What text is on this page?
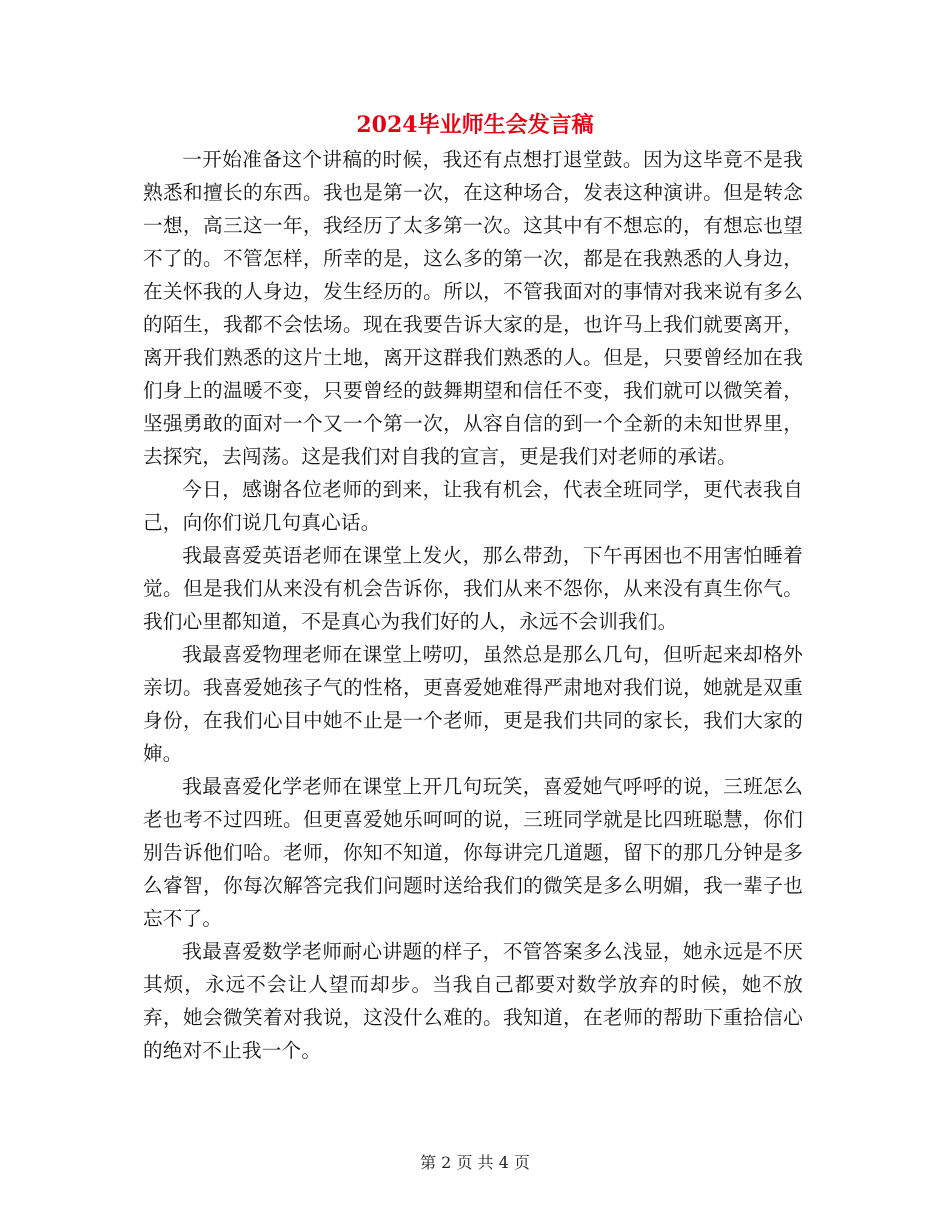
2024毕业师生会发言稿

一开始准备这个讲稿的时候，我还有点想打退堂鼓。因为这毕竟不是我熟悉和擅长的东西。我也是第一次，在这种场合，发表这种演讲。但是转念一想，高三这一年，我经历了太多第一次。这其中有不想忘的，有想忘也望不了的。不管怎样，所幸的是，这么多的第一次，都是在我熟悉的人身边，在关怀我的人身边，发生经历的。所以，不管我面对的事情对我来说有多么的陌生，我都不会怯场。现在我要告诉大家的是，也许马上我们就要离开，离开我们熟悉的这片土地，离开这群我们熟悉的人。但是，只要曾经加在我们身上的温暖不变，只要曾经的鼓舞期望和信任不变，我们就可以微笑着，坚强勇敢的面对一个又一个第一次，从容自信的到一个全新的未知世界里，去探究，去闯荡。这是我们对自我的宣言，更是我们对老师的承诺。

今日，感谢各位老师的到来，让我有机会，代表全班同学，更代表我自己，向你们说几句真心话。

我最喜爱英语老师在课堂上发火，那么带劲，下午再困也不用害怕睡着觉。但是我们从来没有机会告诉你，我们从来不怨你，从来没有真生你气。我们心里都知道，不是真心为我们好的人，永远不会训我们。

我最喜爱物理老师在课堂上唠叨，虽然总是那么几句，但听起来却格外亲切。我喜爱她孩子气的性格，更喜爱她难得严肃地对我们说，她就是双重身份，在我们心目中她不止是一个老师，更是我们共同的家长，我们大家的婶。

我最喜爱化学老师在课堂上开几句玩笑，喜爱她气呼呼的说，三班怎么老也考不过四班。但更喜爱她乐呵呵的说，三班同学就是比四班聪慧，你们别告诉他们哈。老师，你知不知道，你每讲完几道题，留下的那几分钟是多么睿智，你每次解答完我们问题时送给我们的微笑是多么明媚，我一辈子也忘不了。

我最喜爱数学老师耐心讲题的样子，不管答案多么浅显，她永远是不厌其烦，永远不会让人望而却步。当我自己都要对数学放弃的时候，她不放弃，她会微笑着对我说，这没什么难的。我知道，在老师的帮助下重拾信心的绝对不止我一个。

第 2 页 共 4 页
